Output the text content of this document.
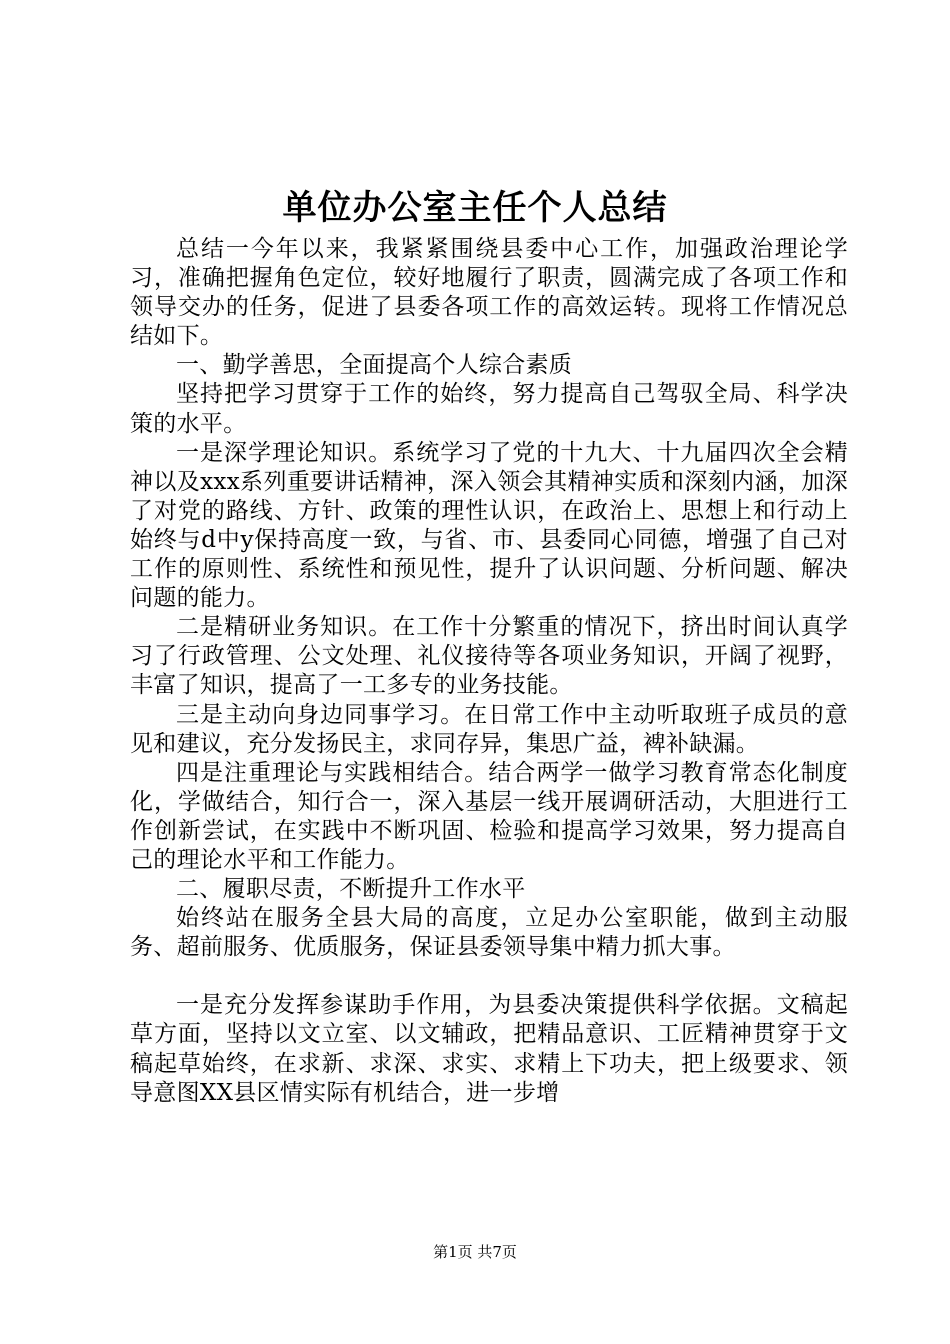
单位办公室主任个人总结

总结一今年以来，我紧紧围绕县委中心工作，加强政治理论学习，准确把握角色定位，较好地履行了职责，圆满完成了各项工作和领导交办的任务，促进了县委各项工作的高效运转。现将工作情况总结如下。

一、勤学善思，全面提高个人综合素质

坚持把学习贯穿于工作的始终，努力提高自己驾驭全局、科学决策的水平。

一是深学理论知识。系统学习了党的十九大、十九届四次全会精神以及xxx系列重要讲话精神，深入领会其精神实质和深刻内涵，加深了对党的路线、方针、政策的理性认识，在政治上、思想上和行动上始终与d中y保持高度一致，与省、市、县委同心同德，增强了自己对工作的原则性、系统性和预见性，提升了认识问题、分析问题、解决问题的能力。

二是精研业务知识。在工作十分繁重的情况下，挤出时间认真学习了行政管理、公文处理、礼仪接待等各项业务知识，开阔了视野，丰富了知识，提高了一工多专的业务技能。

三是主动向身边同事学习。在日常工作中主动听取班子成员的意见和建议，充分发扬民主，求同存异，集思广益，裨补缺漏。

四是注重理论与实践相结合。结合两学一做学习教育常态化制度化，学做结合，知行合一，深入基层一线开展调研活动，大胆进行工作创新尝试，在实践中不断巩固、检验和提高学习效果，努力提高自己的理论水平和工作能力。

二、履职尽责，不断提升工作水平

始终站在服务全县大局的高度，立足办公室职能，做到主动服务、超前服务、优质服务，保证县委领导集中精力抓大事。

一是充分发挥参谋助手作用，为县委决策提供科学依据。文稿起草方面，坚持以文立室、以文辅政，把精品意识、工匠精神贯穿于文稿起草始终，在求新、求深、求实、求精上下功夫，把上级要求、领导意图XX县区情实际有机结合，进一步增

第1页 共7页
